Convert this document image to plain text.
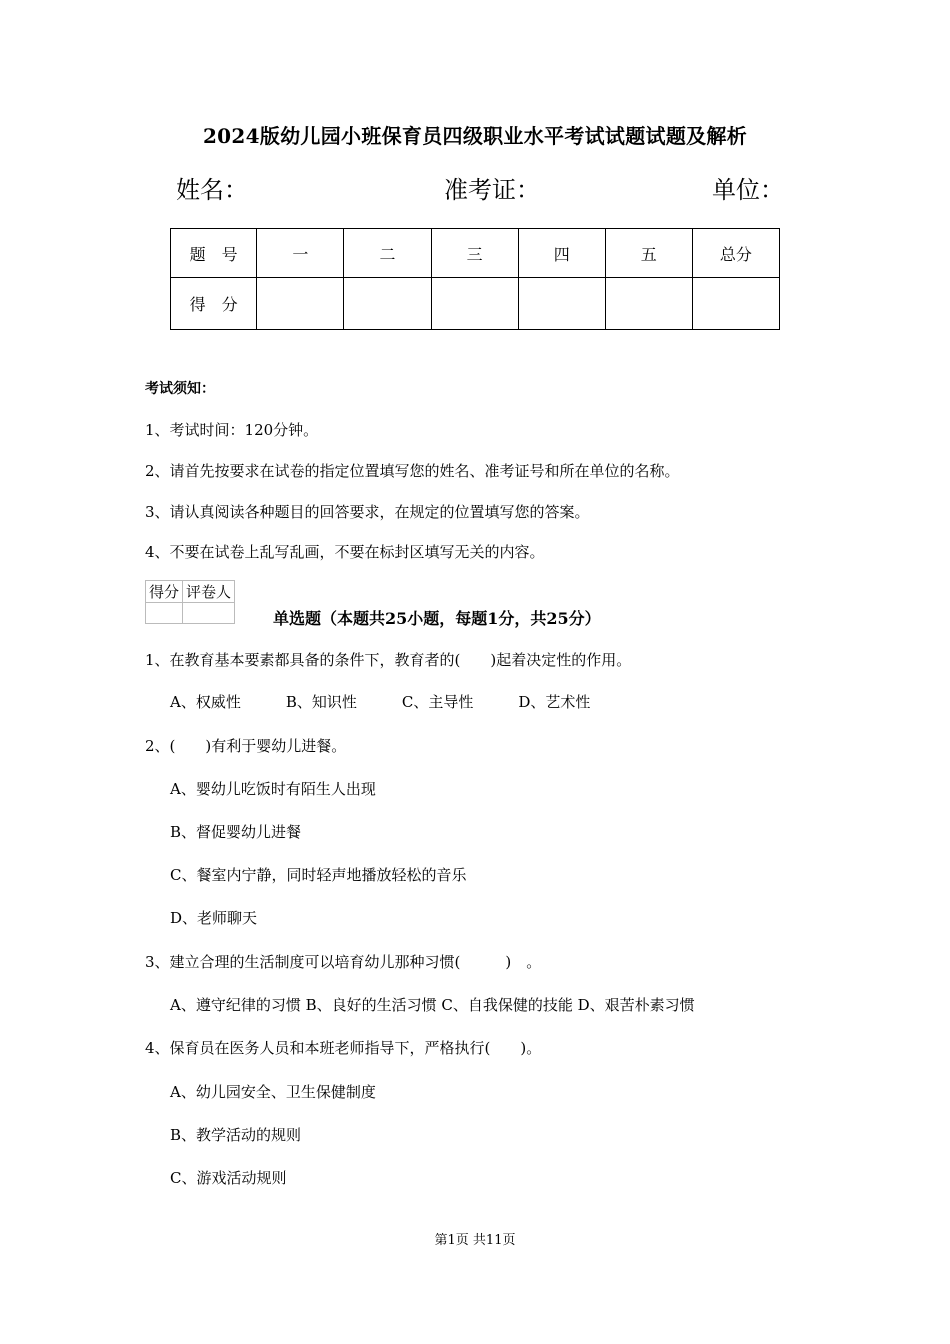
2024版幼儿园小班保育员四级职业水平考试试题试题及解析
姓名：	准考证：	单位：
题　号	一	二	三	四	五	总分
得　分						
考试须知：
1、考试时间：120分钟。
2、请首先按要求在试卷的指定位置填写您的姓名、准考证号和所在单位的名称。
3、请认真阅读各种题目的回答要求，在规定的位置填写您的答案。
4、不要在试卷上乱写乱画，不要在标封区填写无关的内容。
得分	评卷人

单选题（本题共25小题，每题1分，共25分）
1、在教育基本要素都具备的条件下，教育者的(　　)起着决定性的作用。
A、权威性　　　B、知识性　　　C、主导性　　　D、艺术性
2、(　　)有利于婴幼儿进餐。
A、婴幼儿吃饭时有陌生人出现
B、督促婴幼儿进餐
C、餐室内宁静，同时轻声地播放轻松的音乐
D、老师聊天
3、建立合理的生活制度可以培育幼儿那种习惯(　　　)　。
A、遵守纪律的习惯 B、良好的生活习惯 C、自我保健的技能 D、艰苦朴素习惯
4、保育员在医务人员和本班老师指导下，严格执行(　　)。
A、幼儿园安全、卫生保健制度
B、教学活动的规则
C、游戏活动规则
第1页 共11页
